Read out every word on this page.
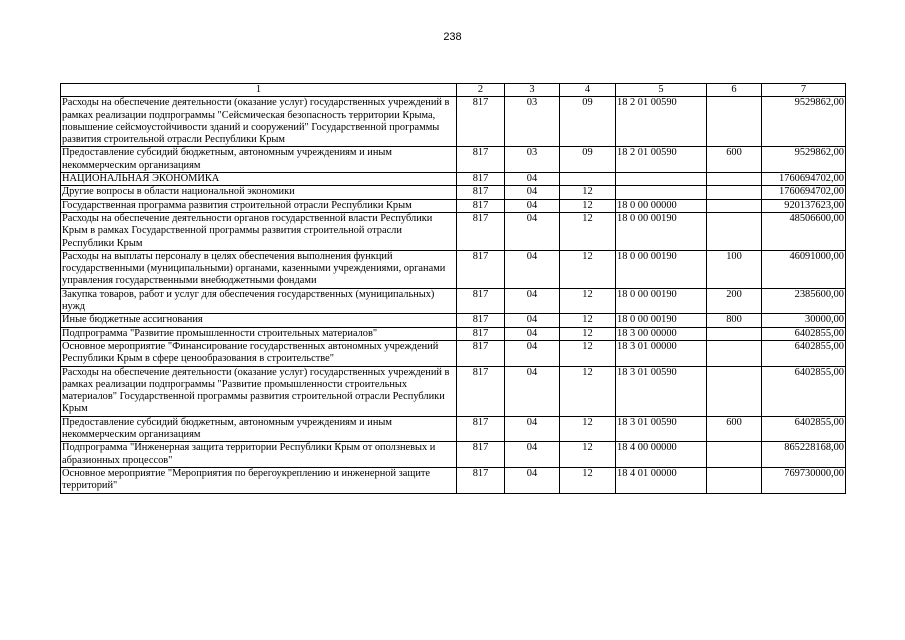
238
1	2	3	4	5	6	7
Расходы на обеспечение деятельности (оказание услуг) государственных учреждений в рамках реализации подпрограммы "Сейсмическая безопасность территории Крыма, повышение сейсмоустойчивости зданий и сооружений" Государственной программы развития строительной отрасли Республики Крым	817	03	09	18 2 01 00590		9529862,00
Предоставление субсидий бюджетным, автономным учреждениям и иным некоммерческим организациям	817	03	09	18 2 01 00590	600	9529862,00
НАЦИОНАЛЬНАЯ ЭКОНОМИКА	817	04				1760694702,00
Другие вопросы в области национальной экономики	817	04	12			1760694702,00
Государственная программа развития строительной отрасли Республики Крым	817	04	12	18 0 00 00000		920137623,00
Расходы на обеспечение деятельности органов государственной власти Республики Крым в рамках Государственной программы развития строительной отрасли Республики Крым	817	04	12	18 0 00 00190		48506600,00
Расходы на выплаты персоналу в целях обеспечения выполнения функций государственными (муниципальными) органами, казенными учреждениями, органами управления государственными внебюджетными фондами	817	04	12	18 0 00 00190	100	46091000,00
Закупка товаров, работ и услуг для обеспечения государственных (муниципальных) нужд	817	04	12	18 0 00 00190	200	2385600,00
Иные бюджетные ассигнования	817	04	12	18 0 00 00190	800	30000,00
Подпрограмма "Развитие промышленности строительных материалов"	817	04	12	18 3 00 00000		6402855,00
Основное мероприятие "Финансирование государственных автономных учреждений Республики Крым в сфере ценообразования в строительстве"	817	04	12	18 3 01 00000		6402855,00
Расходы на обеспечение деятельности (оказание услуг) государственных учреждений в рамках реализации подпрограммы "Развитие промышленности строительных материалов" Государственной программы развития строительной отрасли Республики Крым	817	04	12	18 3 01 00590		6402855,00
Предоставление субсидий бюджетным, автономным учреждениям и иным некоммерческим организациям	817	04	12	18 3 01 00590	600	6402855,00
Подпрограмма "Инженерная защита территории Республики Крым от оползневых и абразионных процессов"	817	04	12	18 4 00 00000		865228168,00
Основное мероприятие "Мероприятия по берегоукреплению и инженерной защите территорий"	817	04	12	18 4 01 00000		769730000,00
